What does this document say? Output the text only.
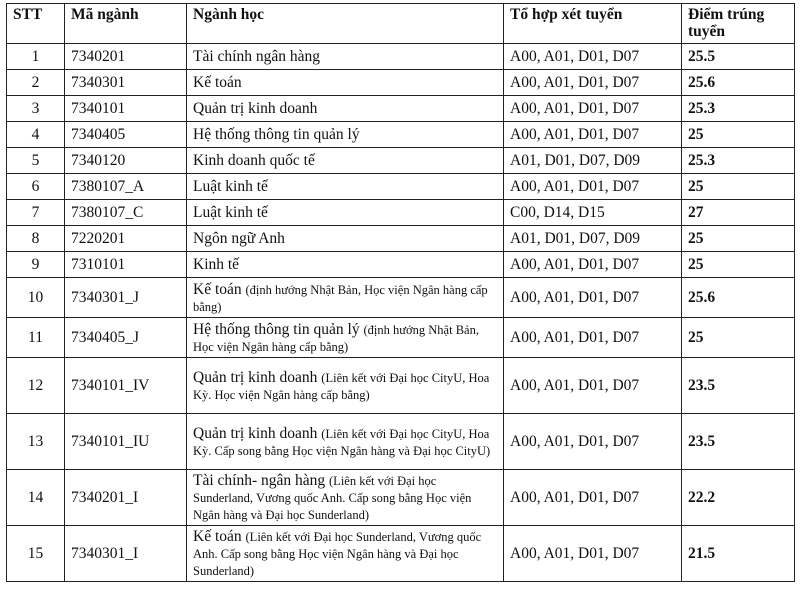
STT	Mã ngành	Ngành học	Tổ hợp xét tuyển	Điểm trúng tuyển
1	7340201	Tài chính ngân hàng	A00, A01, D01, D07	25.5
2	7340301	Kế toán	A00, A01, D01, D07	25.6
3	7340101	Quản trị kinh doanh	A00, A01, D01, D07	25.3
4	7340405	Hệ thống thông tin quản lý	A00, A01, D01, D07	25
5	7340120	Kinh doanh quốc tế	A01, D01, D07, D09	25.3
6	7380107_A	Luật kinh tế	A00, A01, D01, D07	25
7	7380107_C	Luật kinh tế	C00, D14, D15	27
8	7220201	Ngôn ngữ Anh	A01, D01, D07, D09	25
9	7310101	Kinh tế	A00, A01, D01, D07	25
10	7340301_J	Kế toán (định hướng Nhật Bản, Học viện Ngân hàng cấp bằng)	A00, A01, D01, D07	25.6
11	7340405_J	Hệ thống thông tin quản lý (định hướng Nhật Bản, Học viện Ngân hàng cấp bằng)	A00, A01, D01, D07	25
12	7340101_IV	Quản trị kinh doanh (Liên kết với Đại học CityU, Hoa Kỳ. Học viện Ngân hàng cấp bằng)	A00, A01, D01, D07	23.5
13	7340101_IU	Quản trị kinh doanh (Liên kết với Đại học CityU, Hoa Kỳ. Cấp song bằng Học viện Ngân hàng và Đại học CityU)	A00, A01, D01, D07	23.5
14	7340201_I	Tài chính- ngân hàng (Liên kết với Đại học Sunderland, Vương quốc Anh. Cấp song bằng Học viện Ngân hàng và Đại học Sunderland)	A00, A01, D01, D07	22.2
15	7340301_I	Kế toán (Liên kết với Đại học Sunderland, Vương quốc Anh. Cấp song bằng Học viện Ngân hàng và Đại học Sunderland)	A00, A01, D01, D07	21.5
